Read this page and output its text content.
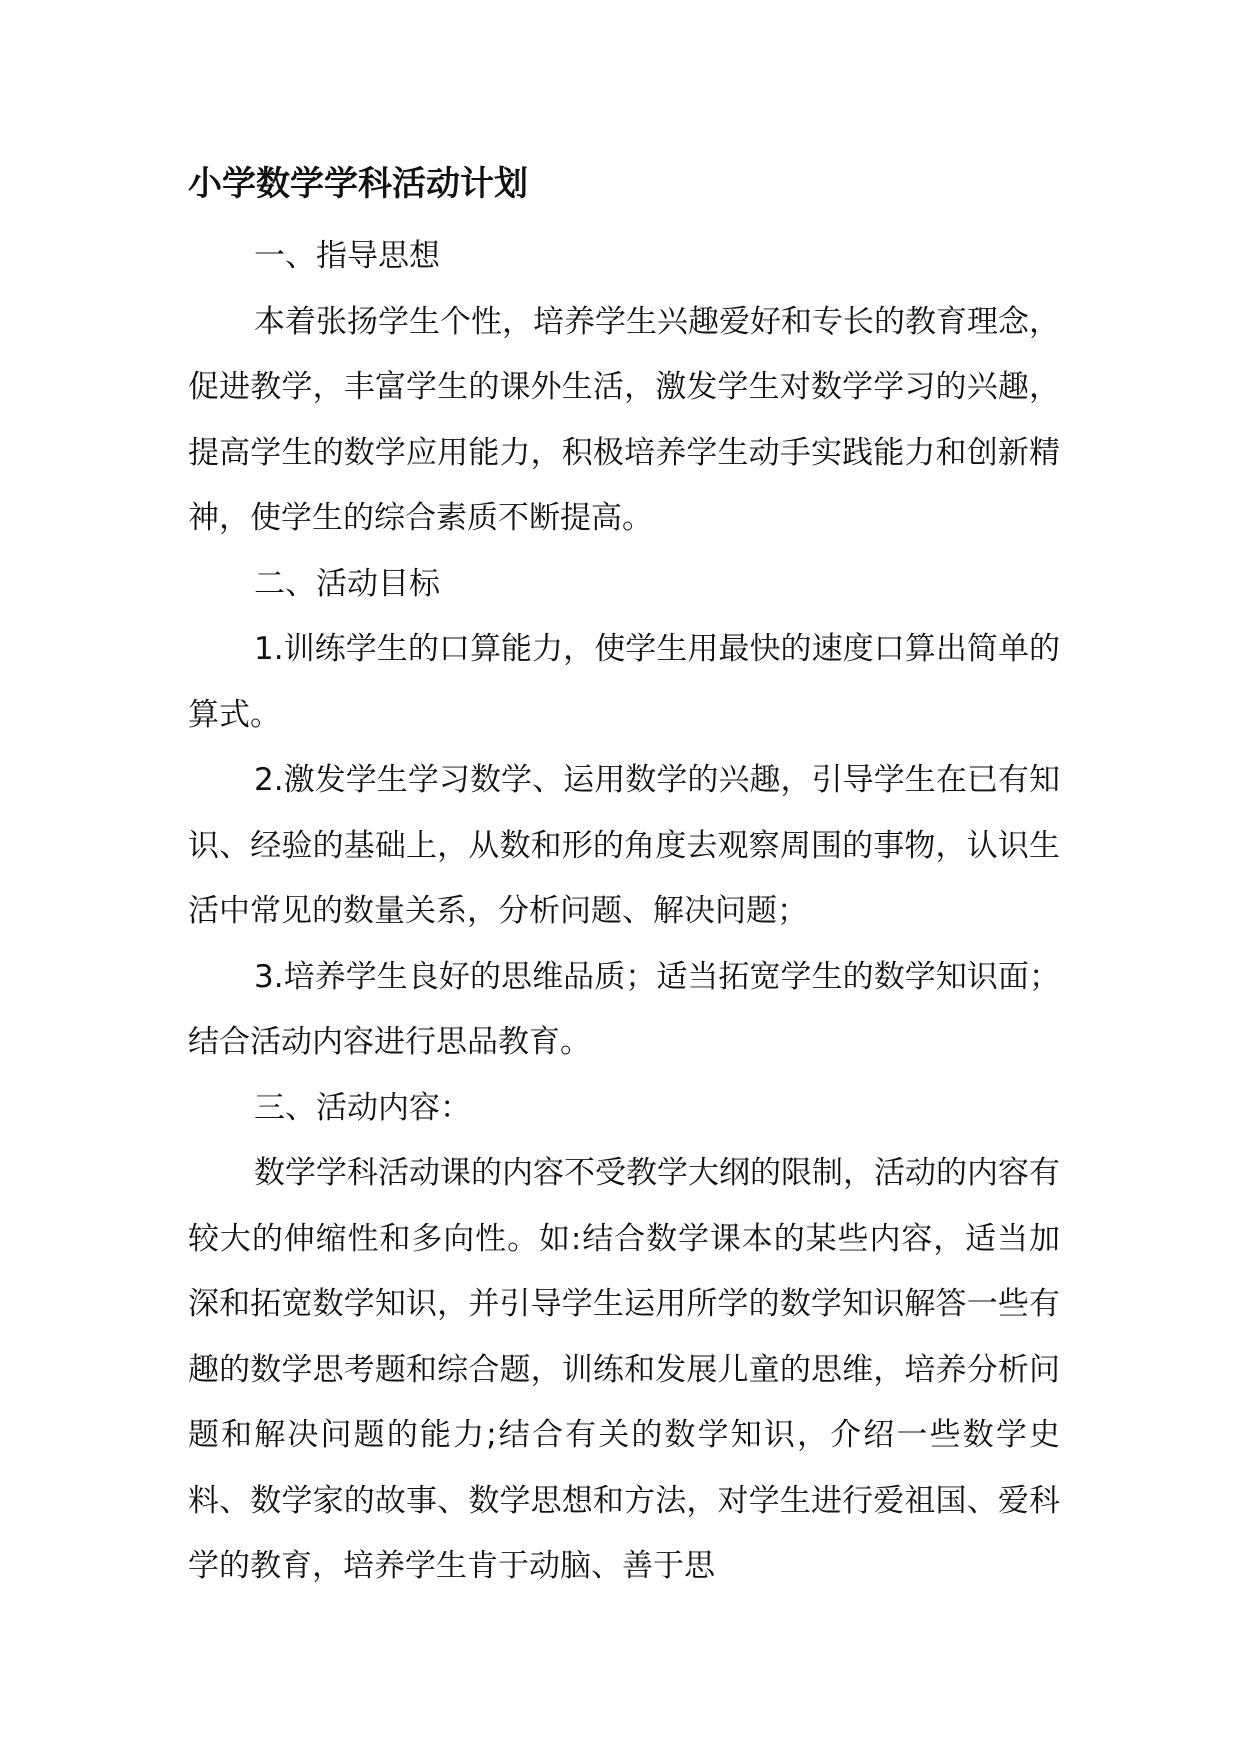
小学数学学科活动计划

一、指导思想

本着张扬学生个性，培养学生兴趣爱好和专长的教育理念，促进教学，丰富学生的课外生活，激发学生对数学学习的兴趣，提高学生的数学应用能力，积极培养学生动手实践能力和创新精神，使学生的综合素质不断提高。

二、活动目标

1.训练学生的口算能力，使学生用最快的速度口算出简单的算式。

2.激发学生学习数学、运用数学的兴趣，引导学生在已有知识、经验的基础上，从数和形的角度去观察周围的事物，认识生活中常见的数量关系，分析问题、解决问题；

3.培养学生良好的思维品质；适当拓宽学生的数学知识面；结合活动内容进行思品教育。

三、活动内容：

数学学科活动课的内容不受教学大纲的限制，活动的内容有较大的伸缩性和多向性。如:结合数学课本的某些内容，适当加深和拓宽数学知识，并引导学生运用所学的数学知识解答一些有趣的数学思考题和综合题，训练和发展儿童的思维，培养分析问题和解决问题的能力;结合有关的数学知识，介绍一些数学史料、数学家的故事、数学思想和方法，对学生进行爱祖国、爱科学的教育，培养学生肯于动脑、善于思
